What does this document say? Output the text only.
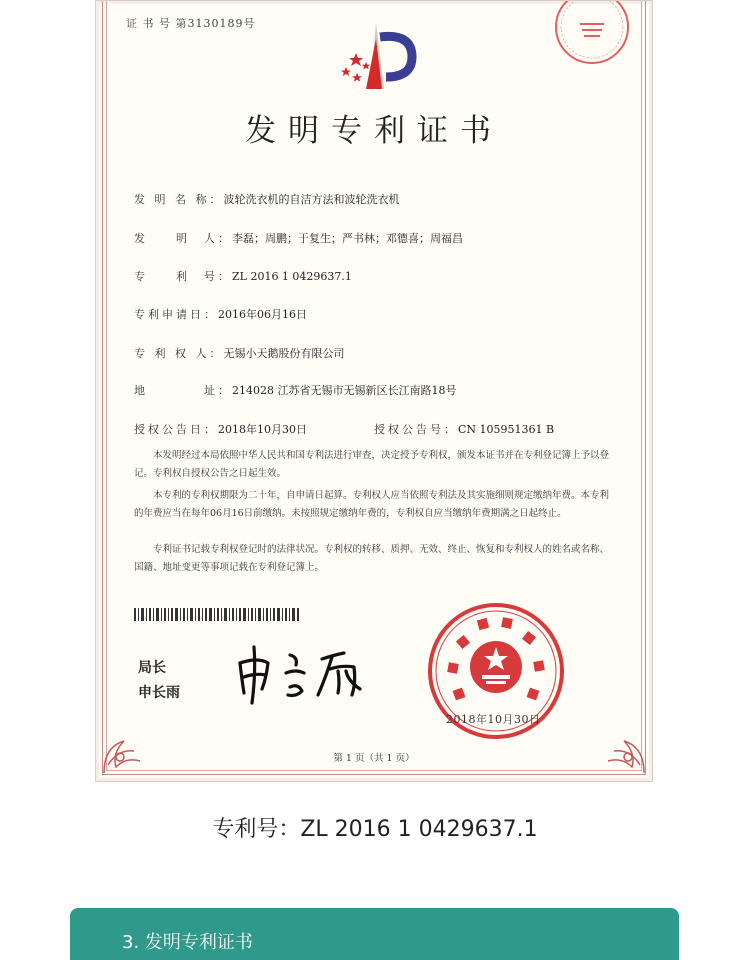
证 书 号 第3130189号
发明专利证书
发 明 名 称：波轮洗衣机的自洁方法和波轮洗衣机
发　　明　人：李磊；周鹏；于复生；严书林；邓德喜；周福昌
专　　利　号：ZL 2016 1 0429637.1
专利申请日：2016年06月16日
专 利 权 人：无锡小天鹅股份有限公司
地　　　　址：214028 江苏省无锡市无锡新区长江南路18号
授权公告日：2018年10月30日	授权公告号：CN 105951361 B

本发明经过本局依照中华人民共和国专利法进行审查，决定授予专利权，颁发本证书并在专利登记簿上予以登记。专利权自授权公告之日起生效。

本专利的专利权期限为二十年，自申请日起算。专利权人应当依照专利法及其实施细则规定缴纳年费。本专利的年费应当在每年06月16日前缴纳。未按照规定缴纳年费的，专利权自应当缴纳年费期满之日起终止。

专利证书记载专利权登记时的法律状况。专利权的转移、质押、无效、终止、恢复和专利权人的姓名或名称、国籍、地址变更等事项记载在专利登记簿上。

局长
申长雨
2018年10月30日
第 1 页（共 1 页）
专利号：ZL 2016 1 0429637.1
3. 发明专利证书
